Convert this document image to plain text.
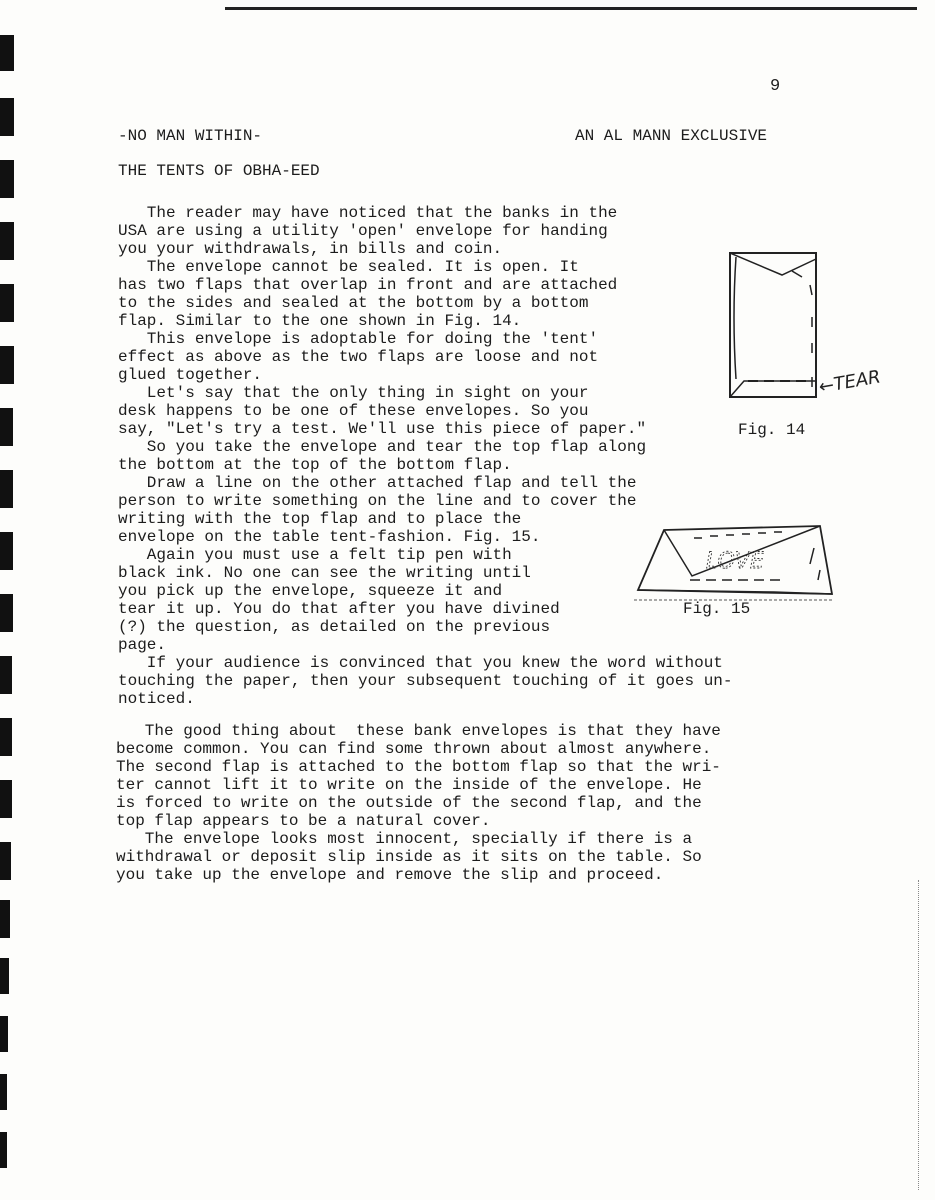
9
-NO MAN WITHIN-	AN AL MANN EXCLUSIVE
THE TENTS OF OBHA-EED
The reader may have noticed that the banks in the
USA are using a utility 'open' envelope for handing
you your withdrawals, in bills and coin.
The envelope cannot be sealed. It is open. It
has two flaps that overlap in front and are attached
to the sides and sealed at the bottom by a bottom
flap. Similar to the one shown in Fig. 14.
This envelope is adoptable for doing the 'tent'
effect as above as the two flaps are loose and not
glued together.
Let's say that the only thing in sight on your
desk happens to be one of these envelopes. So you
say, "Let's try a test. We'll use this piece of paper."
So you take the envelope and tear the top flap along
the bottom at the top of the bottom flap.
Draw a line on the other attached flap and tell the
person to write something on the line and to cover the
writing with the top flap and to place the
envelope on the table tent-fashion. Fig. 15.
Again you must use a felt tip pen with
black ink. No one can see the writing until
you pick up the envelope, squeeze it and
tear it up. You do that after you have divined
(?) the question, as detailed on the previous
page.
If your audience is convinced that you knew the word without
touching the paper, then your subsequent touching of it goes un-
noticed.
←TEAR
Fig. 14
LOVE
Fig. 15
The good thing about  these bank envelopes is that they have
become common. You can find some thrown about almost anywhere.
The second flap is attached to the bottom flap so that the wri-
ter cannot lift it to write on the inside of the envelope. He
is forced to write on the outside of the second flap, and the
top flap appears to be a natural cover.
The envelope looks most innocent, specially if there is a
withdrawal or deposit slip inside as it sits on the table. So
you take up the envelope and remove the slip and proceed.
